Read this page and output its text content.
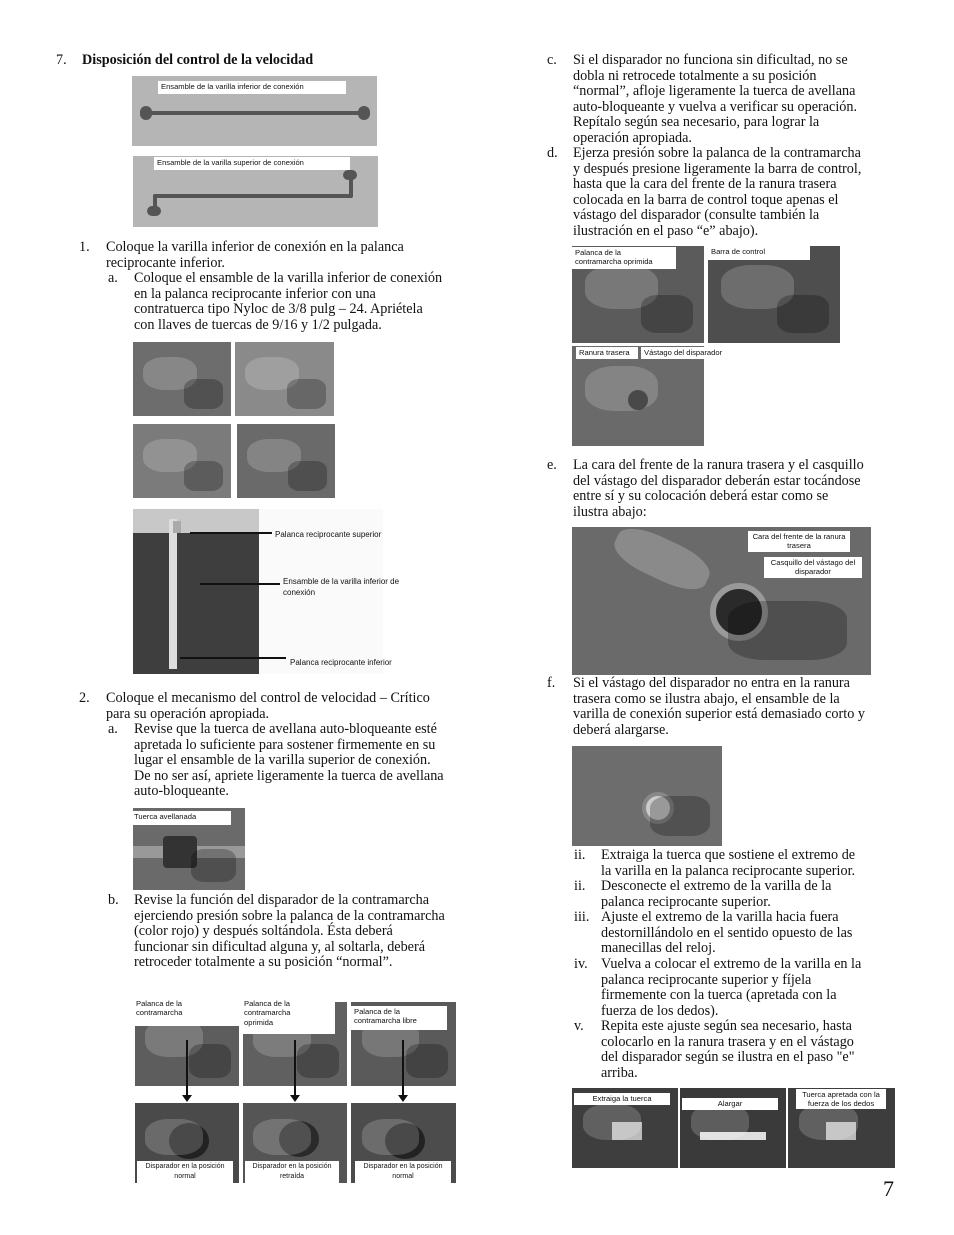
7. Disposición del control de la velocidad
Ensamble de la varilla inferior de conexión
Ensamble de la varilla superior de conexión
1. Coloque la varilla inferior de conexión en la palanca
reciprocante inferior.
a. Coloque el ensamble de la varilla inferior de conexión
en la palanca reciprocante inferior con una
contratuerca tipo Nyloc de 3/8 pulg – 24. Apriétela
con llaves de tuercas de 9/16 y 1/2 pulgada.
Palanca reciprocante superior
Ensamble de la varilla inferior de
conexión
Palanca reciprocante inferior
2. Coloque el mecanismo del control de velocidad – Crítico
para su operación apropiada.
a. Revise que la tuerca de avellana auto-bloqueante esté
apretada lo suficiente para sostener firmemente en su
lugar el ensamble de la varilla superior de conexión.
De no ser así, apriete ligeramente la tuerca de avellana
auto-bloqueante.
Tuerca avellanada
b. Revise la función del disparador de la contramarcha
ejerciendo presión sobre la palanca de la contramarcha
(color rojo) y después soltándola. Ésta deberá
funcionar sin dificultad alguna y, al soltarla, deberá
retroceder totalmente a su posición “normal”.
Palanca de la
contramarcha
Palanca de la
contramarcha
oprimida
Palanca de la
contramarcha libre
Disparador en la posición
normal
Disparador en la posición
retraída
Disparador en la posición
normal
c. Si el disparador no funciona sin dificultad, no se
dobla ni retrocede totalmente a su posición
“normal”, afloje ligeramente la tuerca de avellana
auto-bloqueante y vuelva a verificar su operación.
Repítalo según sea necesario, para lograr la
operación apropiada.
d. Ejerza presión sobre la palanca de la contramarcha
y después presione ligeramente la barra de control,
hasta que la cara del frente de la ranura trasera
colocada en la barra de control toque apenas el
vástago del disparador (consulte también la
ilustración en el paso “e” abajo).
Palanca de la
contramarcha oprimida
Barra de control
Ranura trasera	Vástago del disparador
e. La cara del frente de la ranura trasera y el casquillo
del vástago del disparador deberán estar tocándose
entre sí y su colocación deberá estar como se
ilustra abajo:
Cara del frente de la ranura
trasera
Casquillo del vástago del
disparador
f. Si el vástago del disparador no entra en la ranura
trasera como se ilustra abajo, el ensamble de la
varilla de conexión superior está demasiado corto y
deberá alargarse.
ii. Extraiga la tuerca que sostiene el extremo de
la varilla en la palanca reciprocante superior.
ii. Desconecte el extremo de la varilla de la
palanca reciprocante superior.
iii. Ajuste el extremo de la varilla hacia fuera
destornillándolo en el sentido opuesto de las
manecillas del reloj.
iv. Vuelva a colocar el extremo de la varilla en la
palanca reciprocante superior y fíjela
firmemente con la tuerca (apretada con la
fuerza de los dedos).
v. Repita este ajuste según sea necesario, hasta
colocarlo en la ranura trasera y en el vástago
del disparador según se ilustra en el paso "e"
arriba.
Extraiga la tuerca
Alargar
Tuerca apretada con la
fuerza de los dedos
7
